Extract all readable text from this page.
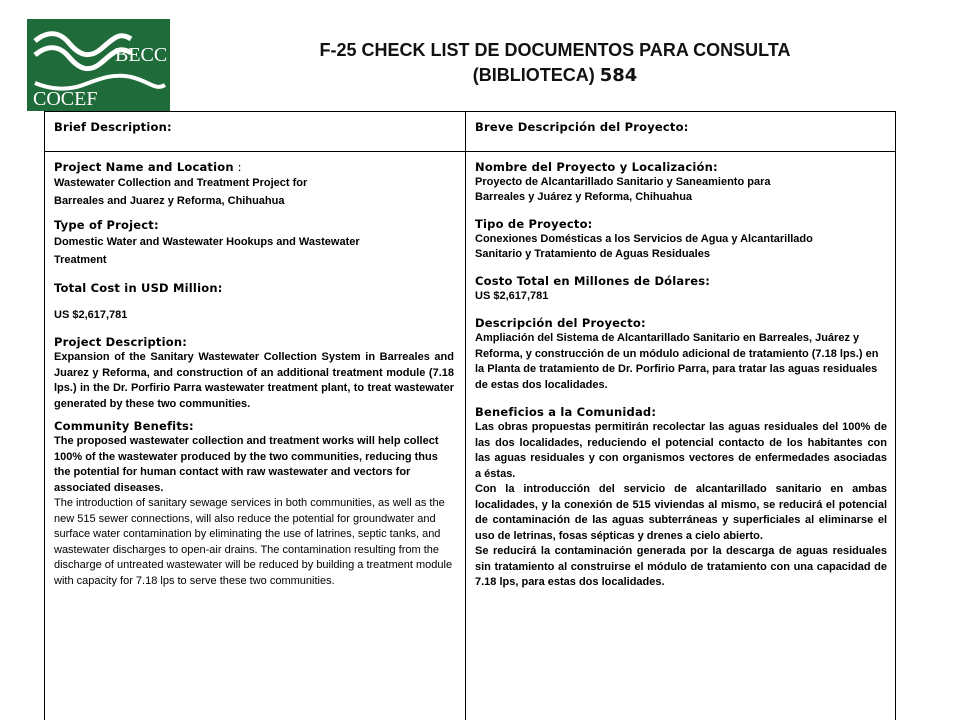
BECC
COCEF
F-25 CHECK LIST DE DOCUMENTOS PARA CONSULTA
(BIBLIOTECA) 584
Brief Description:	Breve Descripción del Proyecto:
Project Name and Location :
Wastewater Collection and Treatment Project for
Barreales and Juarez y Reforma, Chihuahua
Type of Project:
Domestic Water and Wastewater Hookups and Wastewater
Treatment
Total Cost in USD Million:
US $2,617,781
Project Description:
Expansion of the Sanitary Wastewater Collection System in Barreales and Juarez y Reforma, and construction of an additional treatment module (7.18 lps.) in the Dr. Porfirio Parra wastewater treatment plant, to treat wastewater generated by these two communities.
Community Benefits:
The proposed wastewater collection and treatment works will help collect 100% of the wastewater produced by the two communities, reducing thus the potential for human contact with raw wastewater and vectors for associated diseases.
The introduction of sanitary sewage services in both communities, as well as the new 515 sewer connections, will also reduce the potential for groundwater and surface water contamination by eliminating the use of latrines, septic tanks, and wastewater discharges to open-air drains. The contamination resulting from the discharge of untreated wastewater will be reduced by building a treatment module with capacity for 7.18 lps to serve these two communities.
Nombre del Proyecto y Localización:
Proyecto de Alcantarillado Sanitario y Saneamiento para
Barreales y Juárez y Reforma, Chihuahua
Tipo de Proyecto:
Conexiones Domésticas a los Servicios de Agua y Alcantarillado
Sanitario y Tratamiento de Aguas Residuales
Costo Total en Millones de Dólares:
US $2,617,781
Descripción del Proyecto:
Ampliación del Sistema de Alcantarillado Sanitario en Barreales, Juárez y Reforma, y construcción de un módulo adicional de tratamiento (7.18 lps.) en la Planta de tratamiento de Dr. Porfirio Parra, para tratar las aguas residuales de estas dos localidades.
Beneficios a la Comunidad:
Las obras propuestas permitirán recolectar las aguas residuales del 100% de las dos localidades, reduciendo el potencial contacto de los habitantes con las aguas residuales y con organismos vectores de enfermedades asociadas a éstas.
Con la introducción del servicio de alcantarillado sanitario en ambas localidades, y la conexión de 515 viviendas al mismo, se reducirá el potencial de contaminación de las aguas subterráneas y superficiales al eliminarse el uso de letrinas, fosas sépticas y drenes a cielo abierto.
Se reducirá la contaminación generada por la descarga de aguas residuales sin tratamiento al construirse el módulo de tratamiento con una capacidad de 7.18 lps, para estas dos localidades.
